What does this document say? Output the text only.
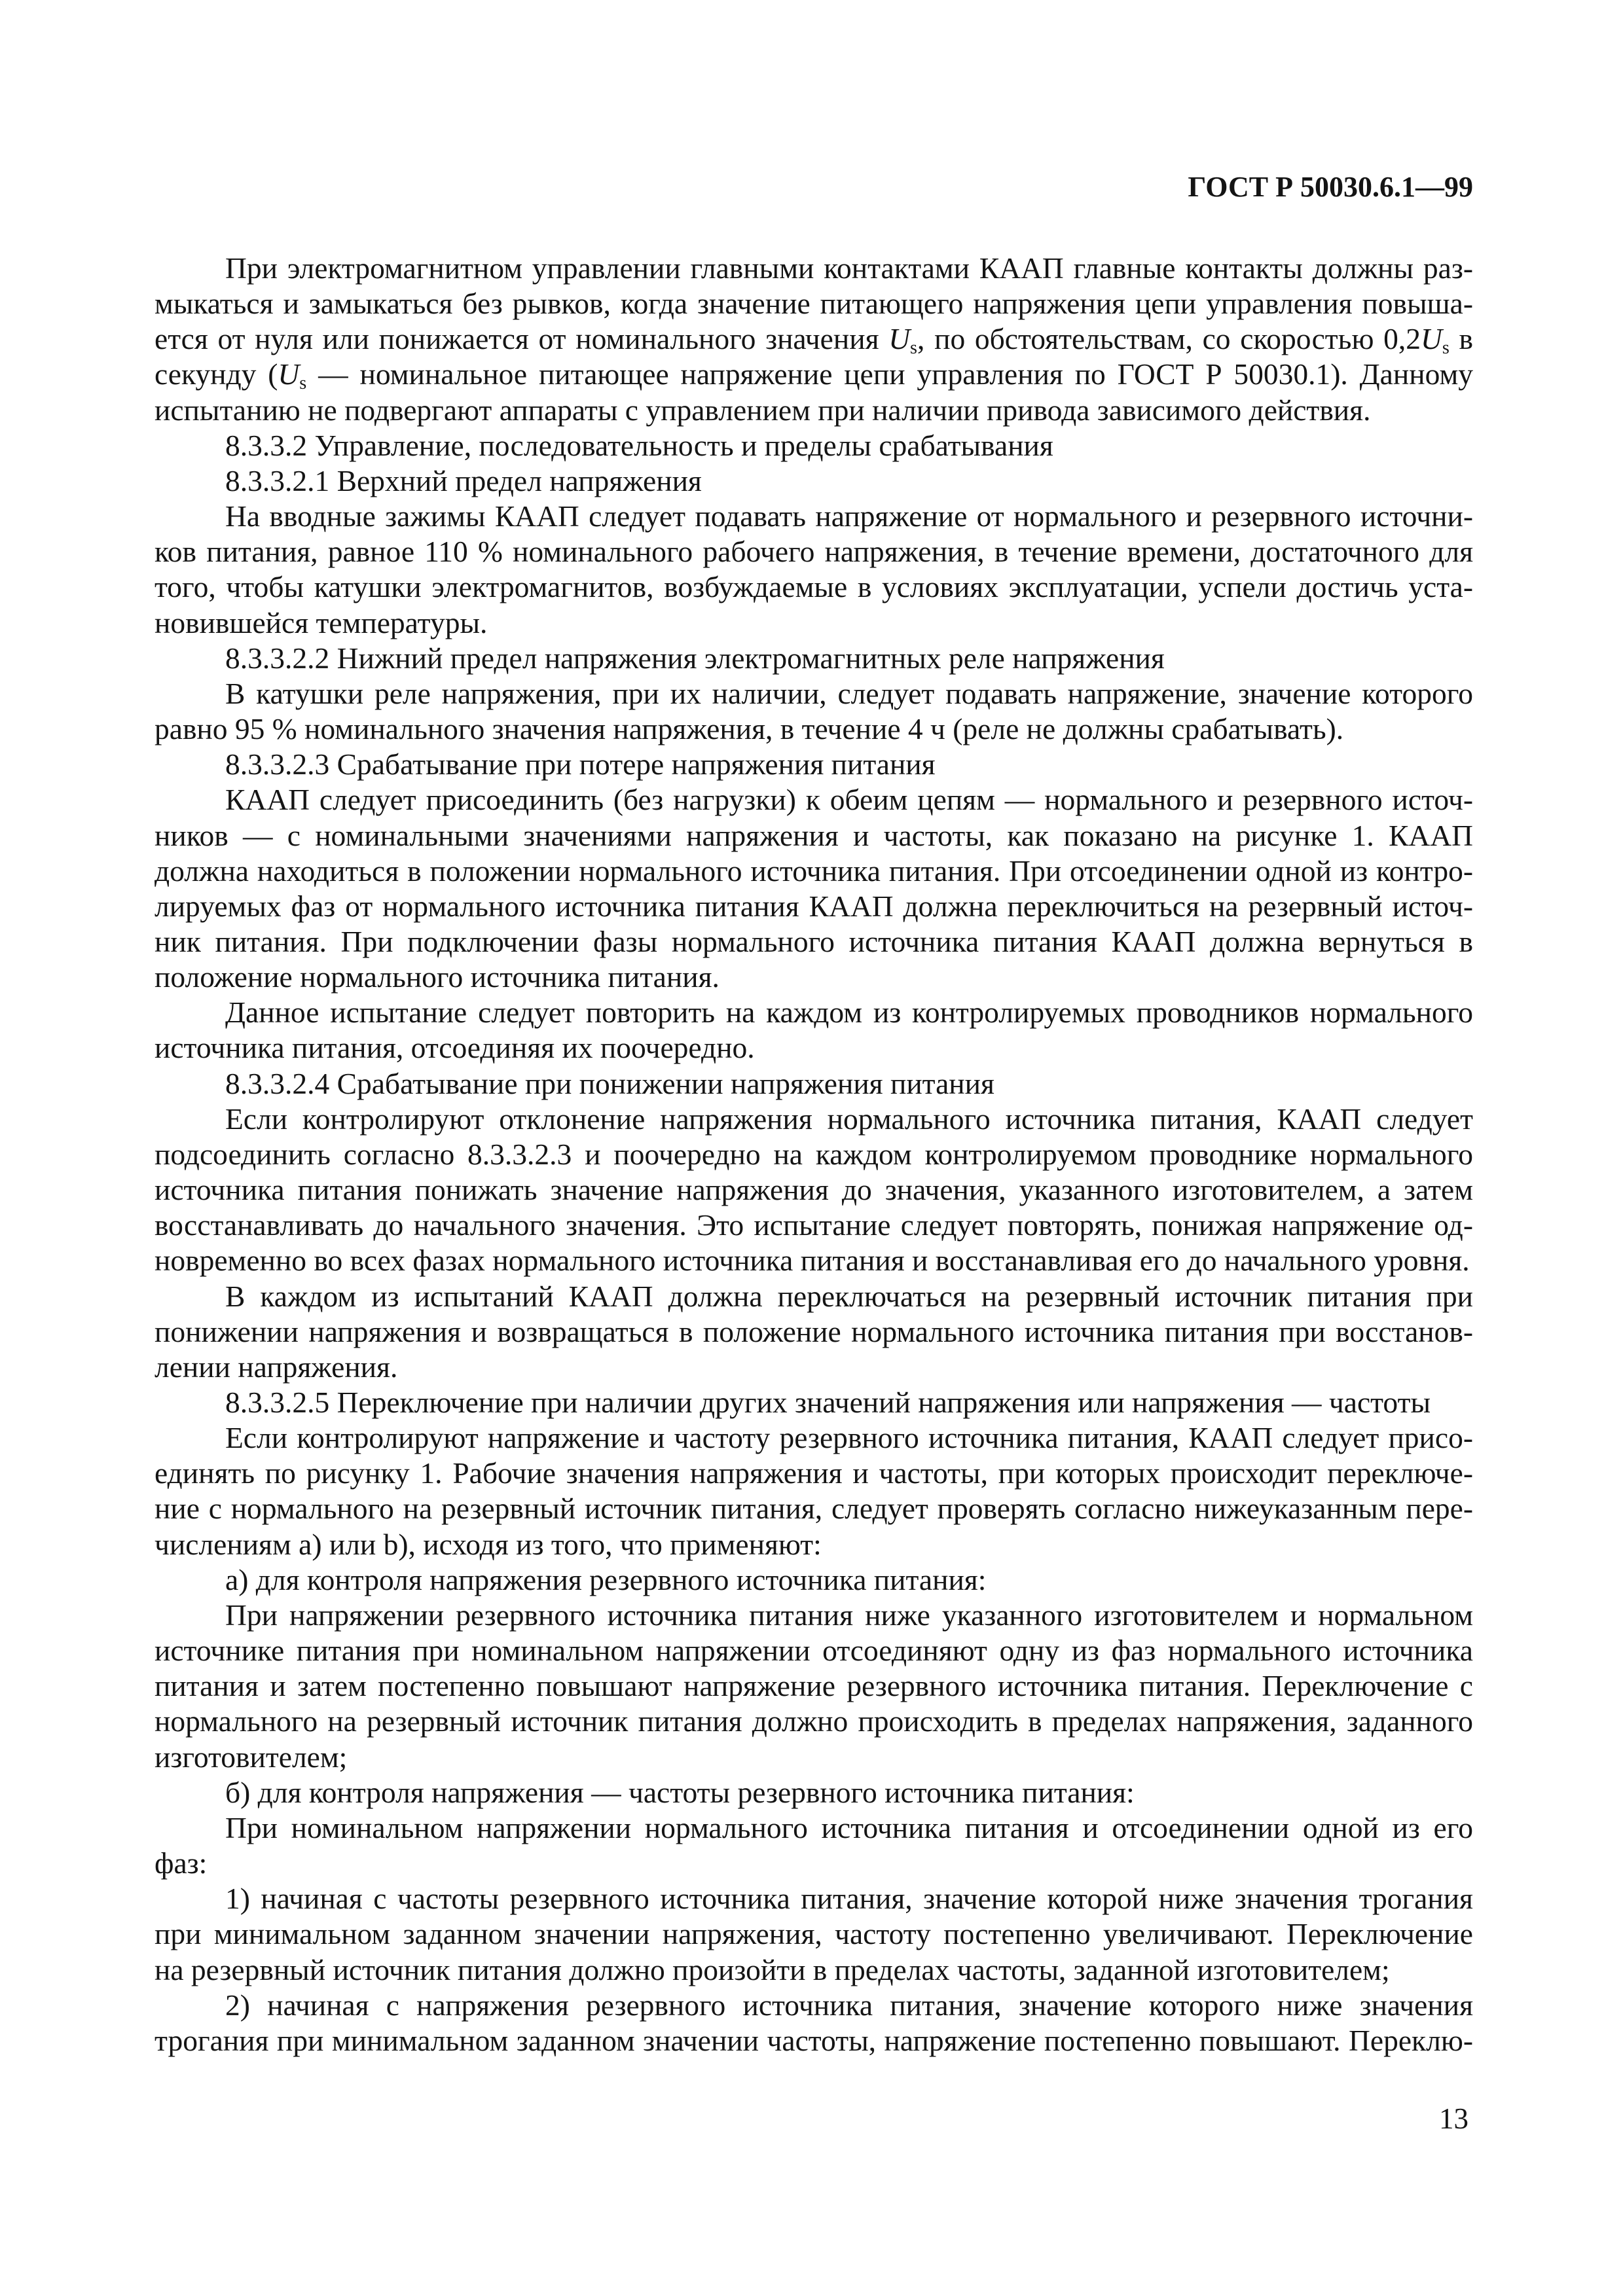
ГОСТ Р 50030.6.1—99
При электромагнитном управлении главными контактами КААП главные контакты должны раз-
мыкаться и замыкаться без рывков, когда значение питающего напряжения цепи управления повыша-
ется от нуля или понижается от номинального значения $U_s$, по обстоятельствам, со скоростью $0,2U_s$ в
секунду ($U_s$ — номинальное питающее напряжение цепи управления по ГОСТ Р 50030.1). Данному
испытанию не подвергают аппараты с управлением при наличии привода зависимого действия.
8.3.3.2 Управление, последовательность и пределы срабатывания
8.3.3.2.1 Верхний предел напряжения
На вводные зажимы КААП следует подавать напряжение от нормального и резервного источни-
ков питания, равное 110 % номинального рабочего напряжения, в течение времени, достаточного для
того, чтобы катушки электромагнитов, возбуждаемые в условиях эксплуатации, успели достичь уста-
новившейся температуры.
8.3.3.2.2 Нижний предел напряжения электромагнитных реле напряжения
В катушки реле напряжения, при их наличии, следует подавать напряжение, значение которого
равно 95 % номинального значения напряжения, в течение 4 ч (реле не должны срабатывать).
8.3.3.2.3 Срабатывание при потере напряжения питания
КААП следует присоединить (без нагрузки) к обеим цепям — нормального и резервного источ-
ников — с номинальными значениями напряжения и частоты, как показано на рисунке 1. КААП
должна находиться в положении нормального источника питания. При отсоединении одной из контро-
лируемых фаз от нормального источника питания КААП должна переключиться на резервный источ-
ник питания. При подключении фазы нормального источника питания КААП должна вернуться в
положение нормального источника питания.
Данное испытание следует повторить на каждом из контролируемых проводников нормального
источника питания, отсоединяя их поочередно.
8.3.3.2.4 Срабатывание при понижении напряжения питания
Если контролируют отклонение напряжения нормального источника питания, КААП следует
подсоединить согласно 8.3.3.2.3 и поочередно на каждом контролируемом проводнике нормального
источника питания понижать значение напряжения до значения, указанного изготовителем, а затем
восстанавливать до начального значения. Это испытание следует повторять, понижая напряжение од-
новременно во всех фазах нормального источника питания и восстанавливая его до начального уровня.
В каждом из испытаний КААП должна переключаться на резервный источник питания при
понижении напряжения и возвращаться в положение нормального источника питания при восстанов-
лении напряжения.
8.3.3.2.5 Переключение при наличии других значений напряжения или напряжения — частоты
Если контролируют напряжение и частоту резервного источника питания, КААП следует присо-
единять по рисунку 1. Рабочие значения напряжения и частоты, при которых происходит переключе-
ние с нормального на резервный источник питания, следует проверять согласно нижеуказанным пере-
числениям а) или b), исходя из того, что применяют:
а) для контроля напряжения резервного источника питания:
При напряжении резервного источника питания ниже указанного изготовителем и нормальном
источнике питания при номинальном напряжении отсоединяют одну из фаз нормального источника
питания и затем постепенно повышают напряжение резервного источника питания. Переключение с
нормального на резервный источник питания должно происходить в пределах напряжения, заданного
изготовителем;
б) для контроля напряжения — частоты резервного источника питания:
При номинальном напряжении нормального источника питания и отсоединении одной из его
фаз:
1) начиная с частоты резервного источника питания, значение которой ниже значения трогания
при минимальном заданном значении напряжения, частоту постепенно увеличивают. Переключение
на резервный источник питания должно произойти в пределах частоты, заданной изготовителем;
2) начиная с напряжения резервного источника питания, значение которого ниже значения
трогания при минимальном заданном значении частоты, напряжение постепенно повышают. Переклю-
13
